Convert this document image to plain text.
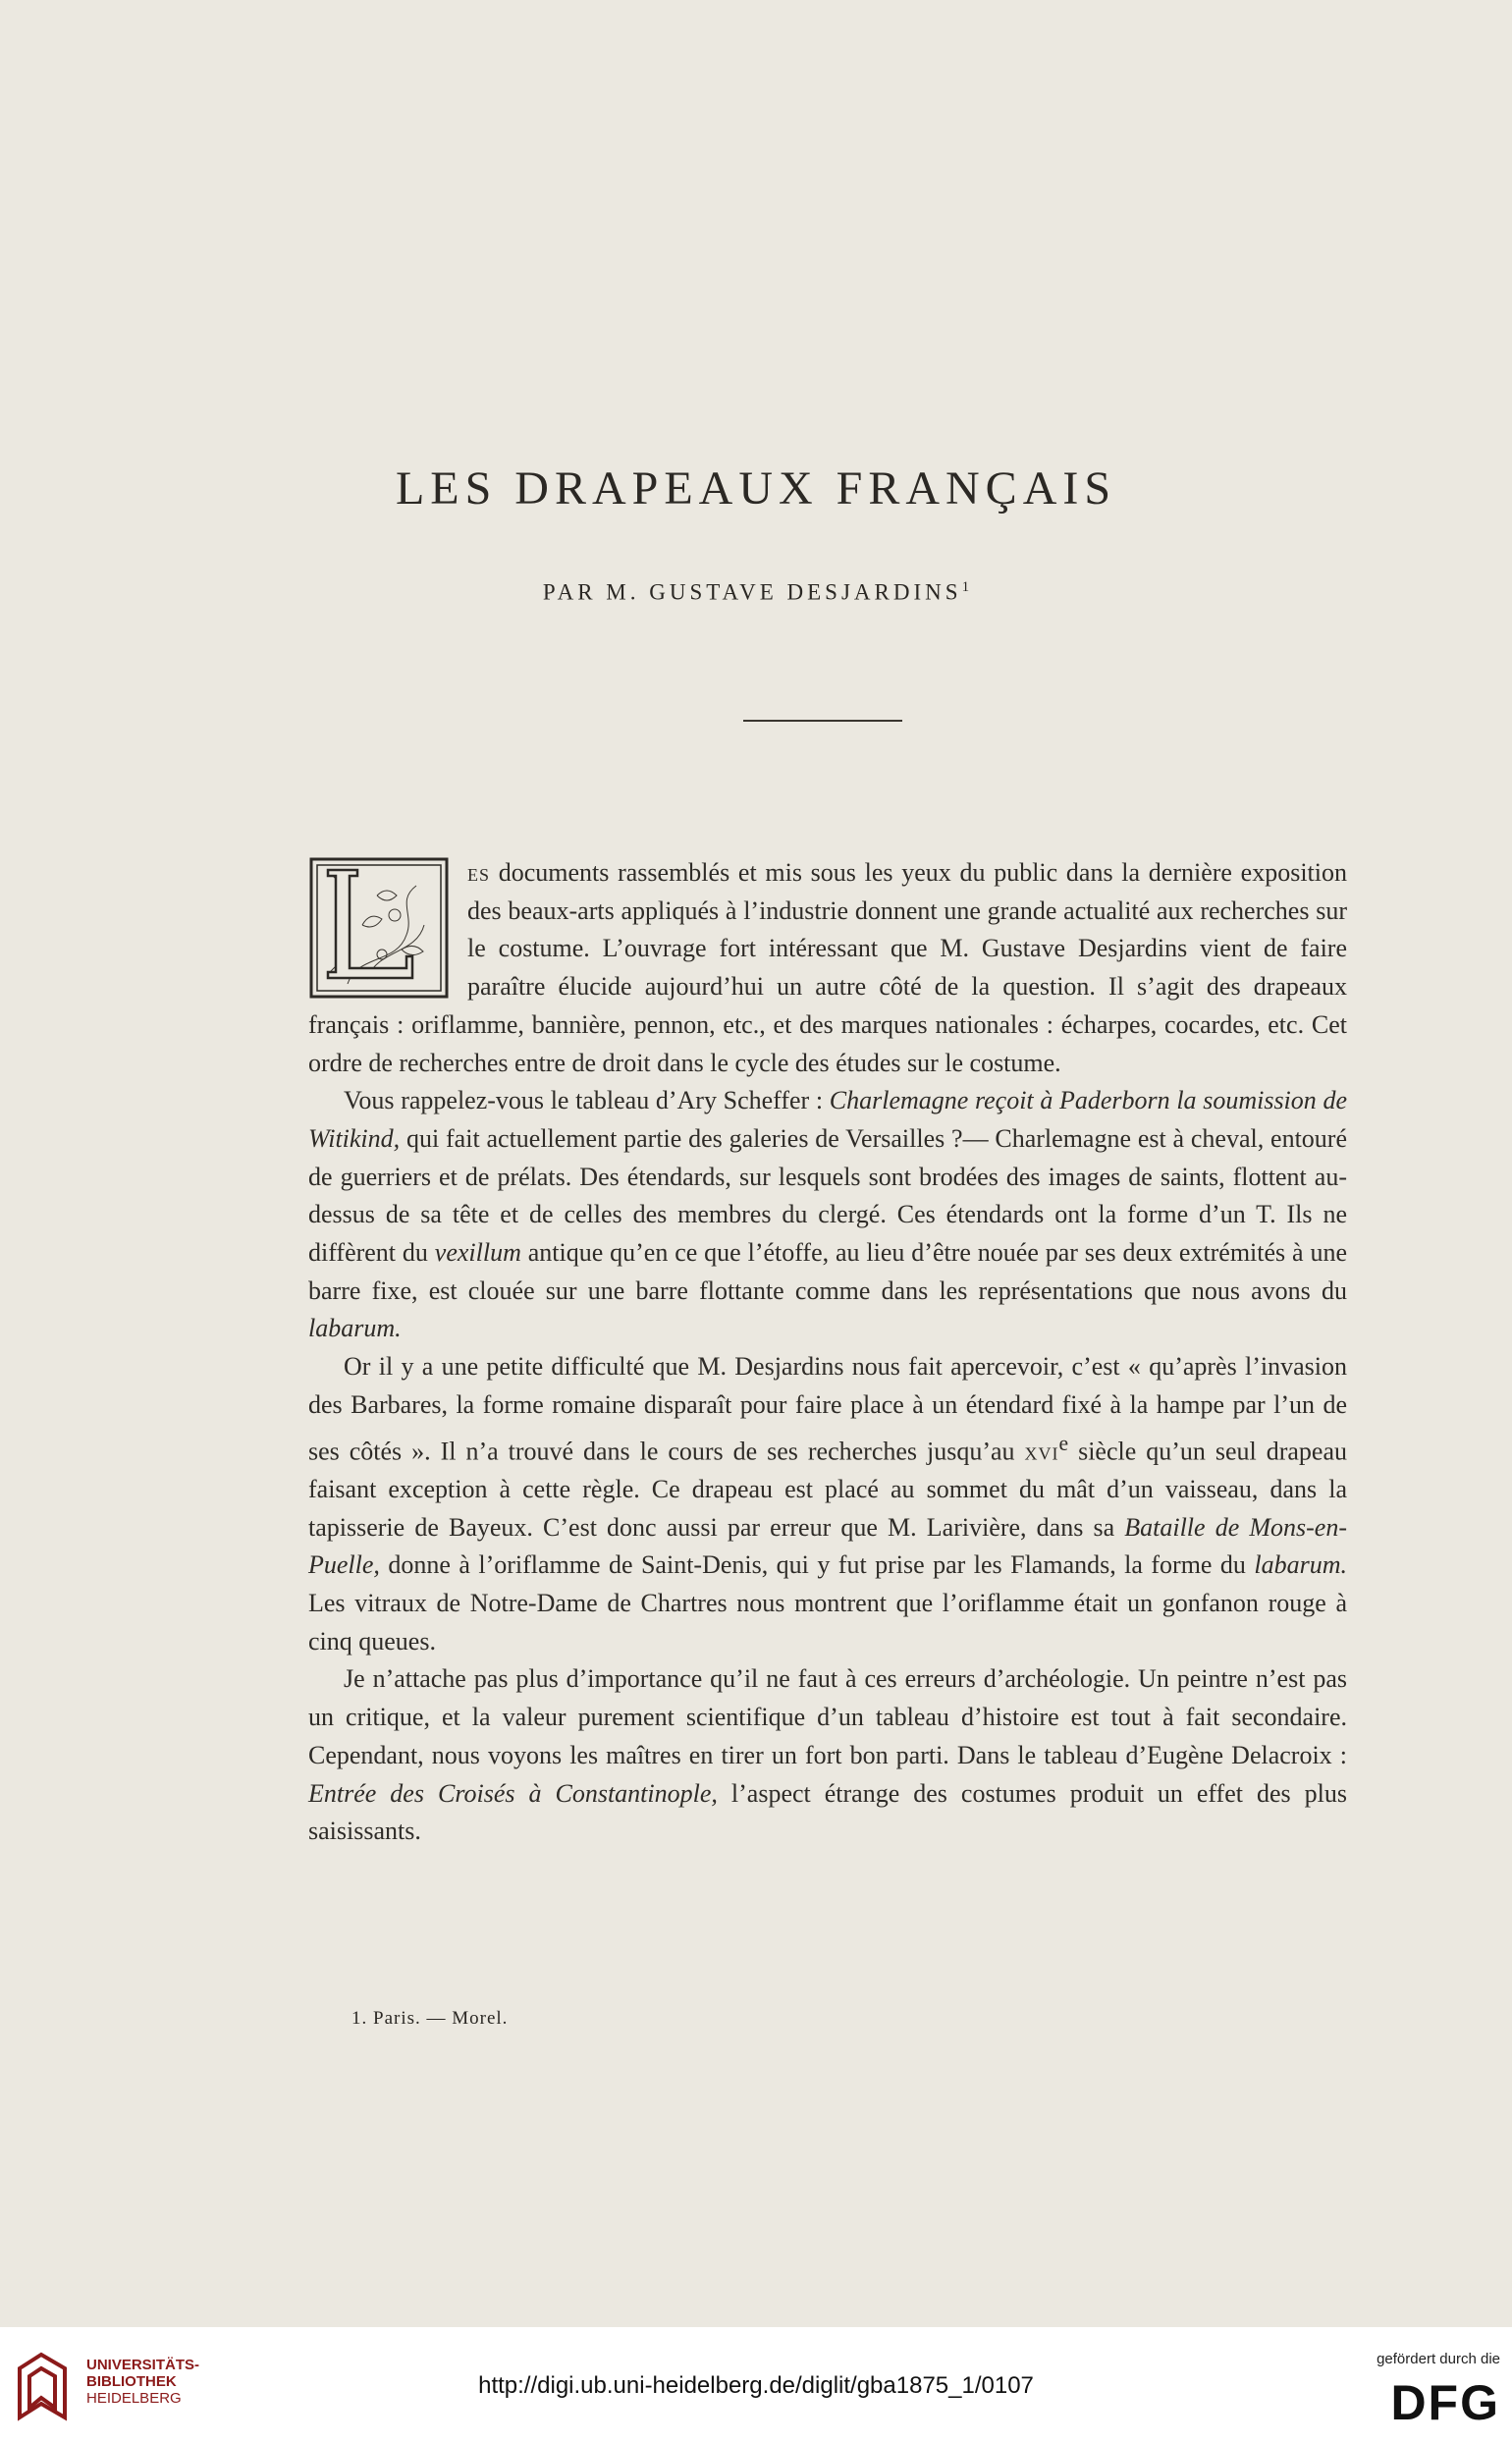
LES DRAPEAUX FRANÇAIS
PAR M. GUSTAVE DESJARDINS$^1$

es documents rassemblés et mis sous les yeux du public dans la dernière exposition des beaux-arts appliqués à l’industrie donnent une grande actualité aux recherches sur le costume. L’ouvrage fort intéressant que M. Gustave Desjardins vient de faire paraître élucide aujourd’hui un autre côté de la question. Il s’agit des drapeaux français : oriflamme, bannière, pennon, etc., et des marques nationales : écharpes, cocardes, etc. Cet ordre de recherches entre de droit dans le cycle des études sur le costume.

Vous rappelez-vous le tableau d’Ary Scheffer : Charlemagne reçoit à Paderborn la soumission de Witikind, qui fait actuellement partie des galeries de Versailles ?— Charlemagne est à cheval, entouré de guerriers et de prélats. Des étendards, sur lesquels sont brodées des images de saints, flottent au-dessus de sa tête et de celles des membres du clergé. Ces étendards ont la forme d’un T. Ils ne diffèrent du vexillum antique qu’en ce que l’étoffe, au lieu d’être nouée par ses deux extrémités à une barre fixe, est clouée sur une barre flottante comme dans les représentations que nous avons du labarum.

Or il y a une petite difficulté que M. Desjardins nous fait apercevoir, c’est « qu’après l’invasion des Barbares, la forme romaine disparaît pour faire place à un étendard fixé à la hampe par l’un de ses côtés ». Il n’a trouvé dans le cours de ses recherches jusqu’au xvi$^e$ siècle qu’un seul drapeau faisant exception à cette règle. Ce drapeau est placé au sommet du mât d’un vaisseau, dans la tapisserie de Bayeux. C’est donc aussi par erreur que M. Larivière, dans sa Bataille de Mons-en-Puelle, donne à l’oriflamme de Saint-Denis, qui y fut prise par les Flamands, la forme du labarum. Les vitraux de Notre-Dame de Chartres nous montrent que l’oriflamme était un gonfanon rouge à cinq queues.

Je n’attache pas plus d’importance qu’il ne faut à ces erreurs d’archéologie. Un peintre n’est pas un critique, et la valeur purement scientifique d’un tableau d’histoire est tout à fait secondaire. Cependant, nous voyons les maîtres en tirer un fort bon parti. Dans le tableau d’Eugène Delacroix : Entrée des Croisés à Constantinople, l’aspect étrange des costumes produit un effet des plus saisissants.

1. Paris. — Morel.
UNIVERSITÄTS-
BIBLIOTHEK
HEIDELBERG	http://digi.ub.uni-heidelberg.de/diglit/gba1875_1/0107
gefördert durch die
DFG
